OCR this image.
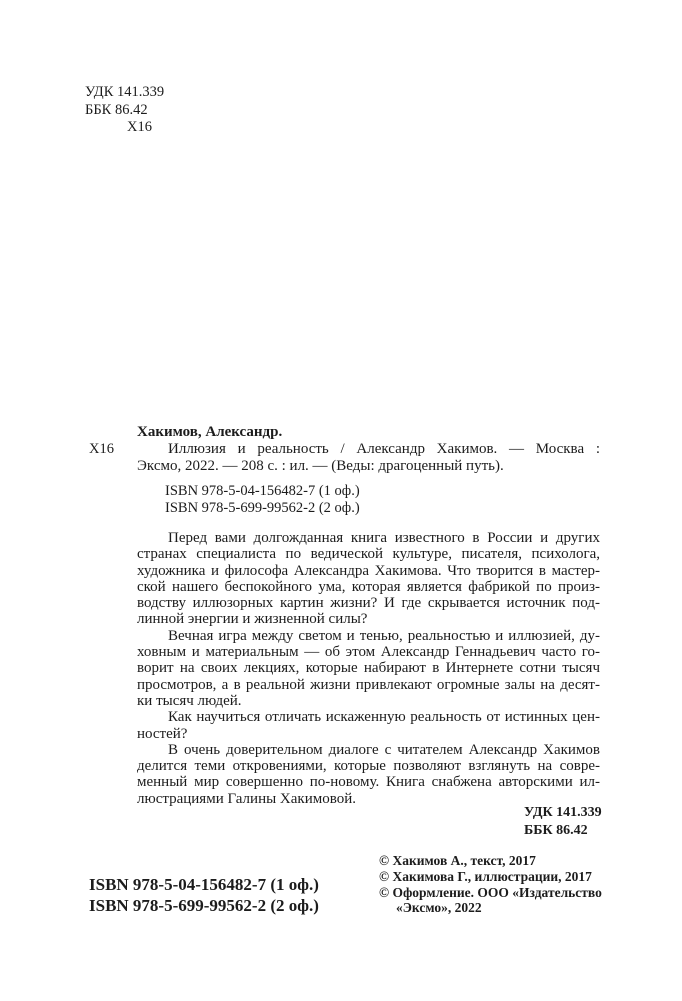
УДК 141.339
ББК 86.42
Х16
Х16
Хакимов, Александр.
Иллюзия и реальность / Александр Хакимов. — Москва :
Эксмо, 2022. — 208 с. : ил. — (Веды: драгоценный путь).
ISBN 978-5-04-156482-7 (1 оф.)
ISBN 978-5-699-99562-2 (2 оф.)
Перед вами долгожданная книга известного в России и других
странах специалиста по ведической культуре, писателя, психолога,
художника и философа Александра Хакимова. Что творится в мастер-
ской нашего беспокойного ума, которая является фабрикой по произ-
водству иллюзорных картин жизни? И где скрывается источник под-
линной энергии и жизненной силы?
Вечная игра между светом и тенью, реальностью и иллюзией, ду-
ховным и материальным — об этом Александр Геннадьевич часто го-
ворит на своих лекциях, которые набирают в Интернете сотни тысяч
просмотров, а в реальной жизни привлекают огромные залы на десят-
ки тысяч людей.
Как научиться отличать искаженную реальность от истинных цен-
ностей?
В очень доверительном диалоге с читателем Александр Хакимов
делится теми откровениями, которые позволяют взглянуть на совре-
менный мир совершенно по-новому. Книга снабжена авторскими ил-
люстрациями Галины Хакимовой.
УДК 141.339
ББК 86.42
ISBN 978-5-04-156482-7 (1 оф.)
ISBN 978-5-699-99562-2 (2 оф.)
© Хакимов А., текст, 2017
© Хакимова Г., иллюстрации, 2017
© Оформление. ООО «Издательство
«Эксмо», 2022
